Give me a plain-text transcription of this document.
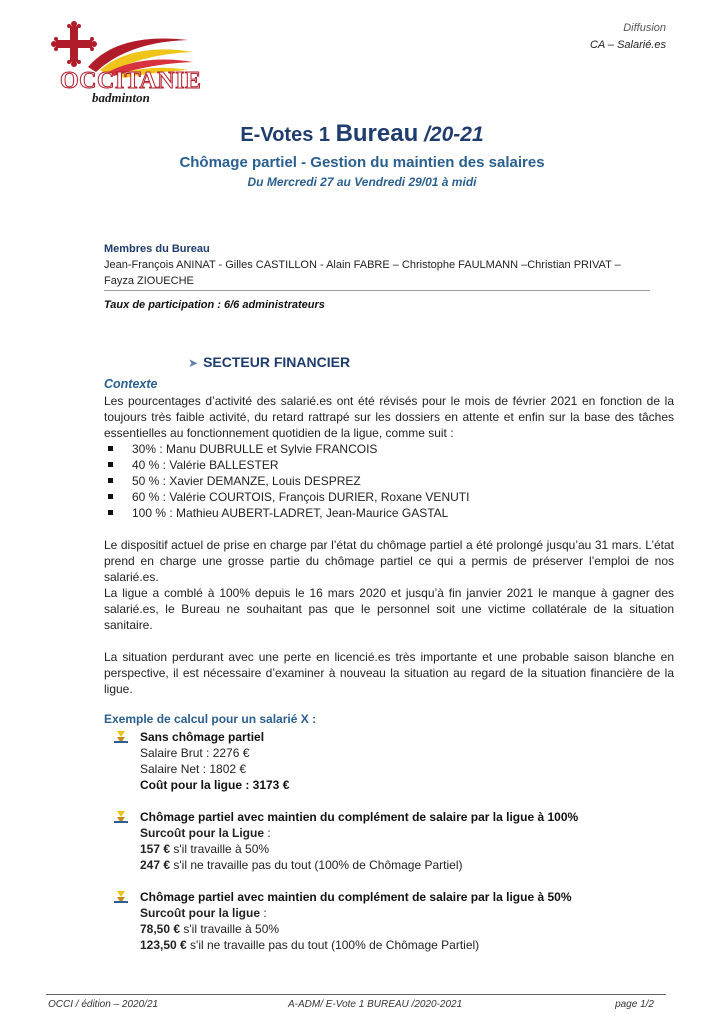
OCCITANIE
badminton
Diffusion
CA – Salarié.es
E-Votes 1 Bureau /20-21
Chômage partiel - Gestion du maintien des salaires
Du Mercredi 27 au Vendredi 29/01 à midi
Membres du Bureau
Jean-François ANINAT - Gilles CASTILLON - Alain FABRE – Christophe FAULMANN –Christian PRIVAT –
Fayza ZIOUECHE
Taux de participation : 6/6 administrateurs
➤ SECTEUR FINANCIER
Contexte

Les pourcentages d’activité des salarié.es ont été révisés pour le mois de février 2021 en fonction de la toujours très faible activité, du retard rattrapé sur les dossiers en attente et enfin sur la base des tâches essentielles au fonctionnement quotidien de la ligue, comme suit :

30% : Manu DUBRULLE et Sylvie FRANCOIS
40 % : Valérie BALLESTER
50 % : Xavier DEMANZE, Louis DESPREZ
60 % : Valérie COURTOIS, François DURIER, Roxane VENUTI
100 % : Mathieu AUBERT-LADRET, Jean-Maurice GASTAL

Le dispositif actuel de prise en charge par l’état du chômage partiel a été prolongé jusqu’au 31 mars. L’état prend en charge une grosse partie du chômage partiel ce qui a permis de préserver l’emploi de nos salarié.es.

La ligue a comblé à 100% depuis le 16 mars 2020 et jusqu’à fin janvier 2021 le manque à gagner des salarié.es, le Bureau ne souhaitant pas que le personnel soit une victime collatérale de la situation sanitaire.

La situation perdurant avec une perte en licencié.es très importante et une probable saison blanche en perspective, il est nécessaire d’examiner à nouveau la situation au regard de la situation financière de la ligue.

Exemple de calcul pour un salarié X :
Sans chômage partiel
Salaire Brut : 2276 €
Salaire Net : 1802 €
Coût pour la ligue : 3173 €
Chômage partiel avec maintien du complément de salaire par la ligue à 100%
Surcoût pour la Ligue :
157 € s'il travaille à 50%
247 € s'il ne travaille pas du tout (100% de Chômage Partiel)
Chômage partiel avec maintien du complément de salaire par la ligue à 50%
Surcoût pour la ligue :
78,50 € s'il travaille à 50%
123,50 € s'il ne travaille pas du tout (100% de Chômage Partiel)
OCCI / édition – 2020/21	A-ADM/ E-Vote 1 BUREAU /2020-2021	page 1/2
